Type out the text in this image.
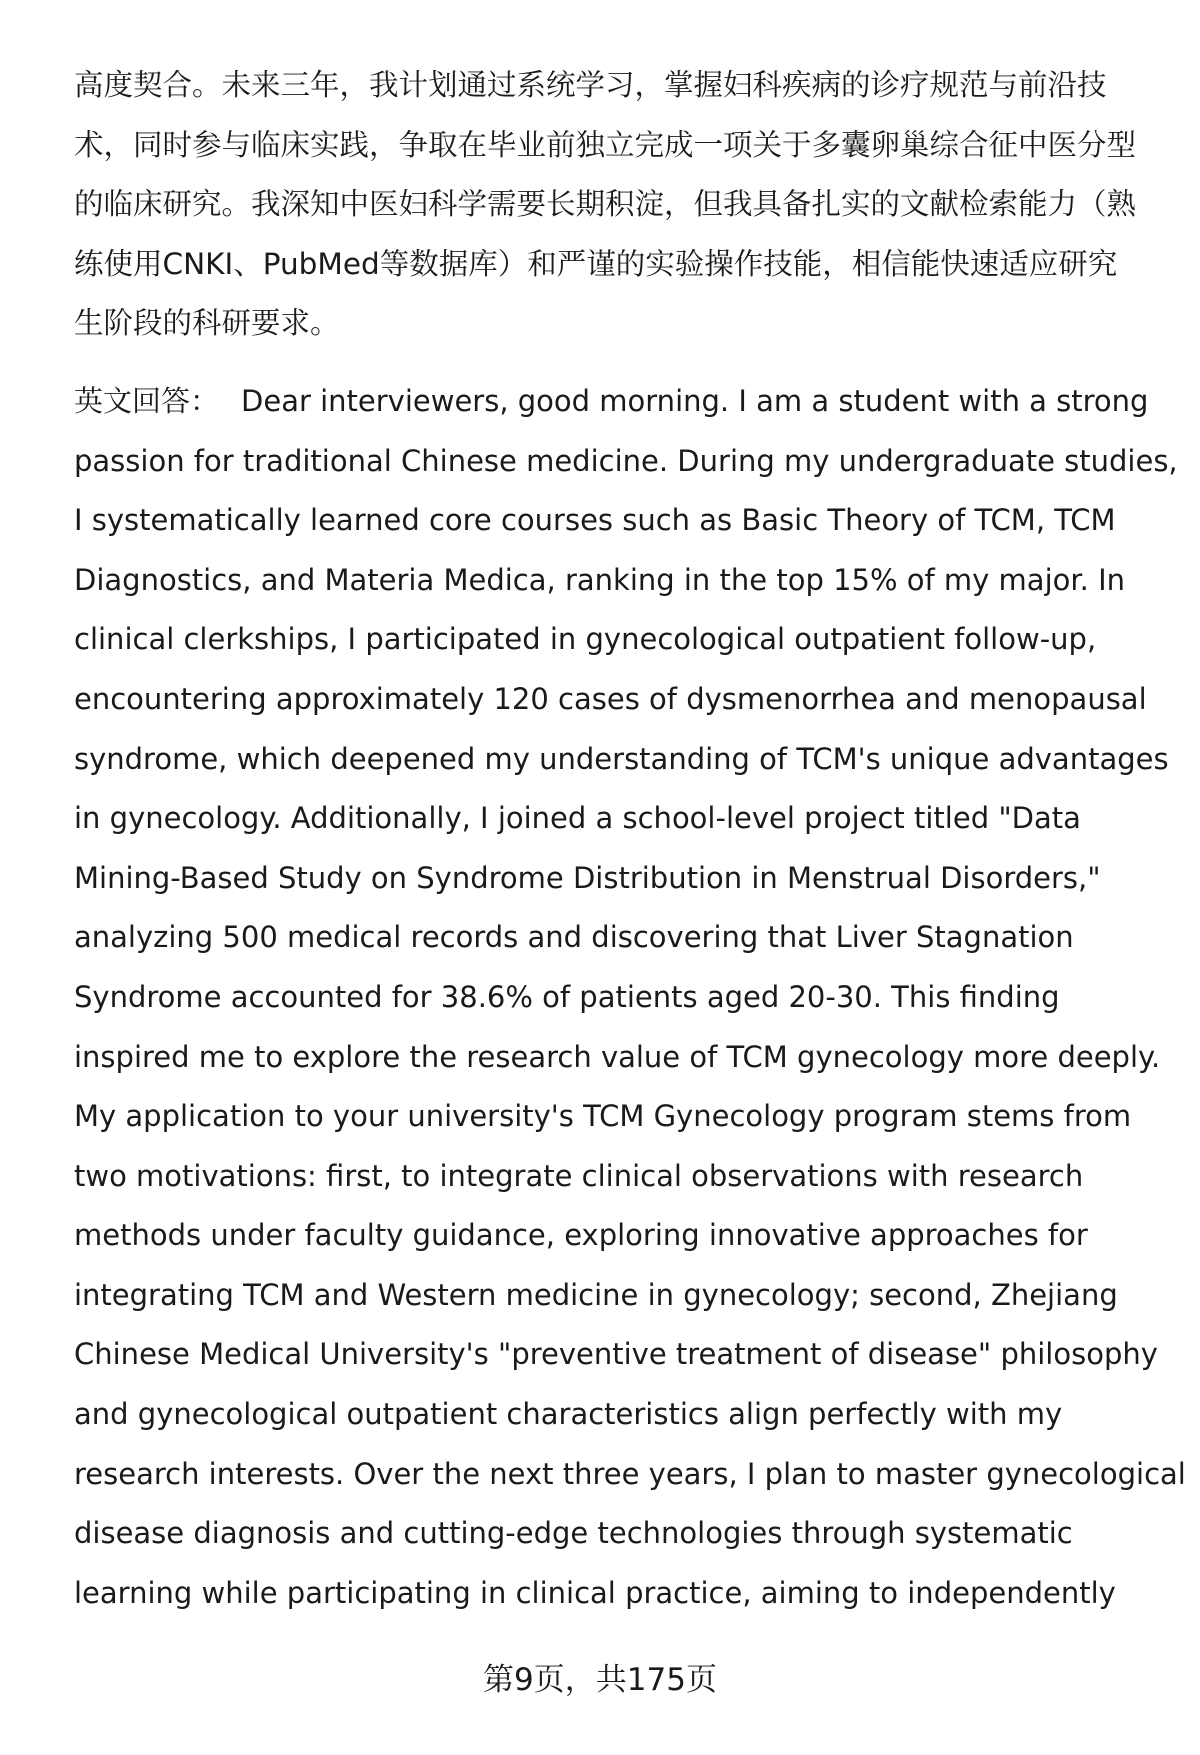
高度契合。未来三年，我计划通过系统学习，掌握妇科疾病的诊疗规范与前沿技
术，同时参与临床实践，争取在毕业前独立完成一项关于多囊卵巢综合征中医分型
的临床研究。我深知中医妇科学需要长期积淀，但我具备扎实的文献检索能力（熟
练使用CNKI、PubMed等数据库）和严谨的实验操作技能，相信能快速适应研究
生阶段的科研要求。
英文回答： Dear interviewers, good morning. I am a student with a strong
passion for traditional Chinese medicine. During my undergraduate studies,
I systematically learned core courses such as Basic Theory of TCM, TCM
Diagnostics, and Materia Medica, ranking in the top 15% of my major. In
clinical clerkships, I participated in gynecological outpatient follow-up,
encountering approximately 120 cases of dysmenorrhea and menopausal
syndrome, which deepened my understanding of TCM's unique advantages
in gynecology. Additionally, I joined a school-level project titled "Data
Mining-Based Study on Syndrome Distribution in Menstrual Disorders,"
analyzing 500 medical records and discovering that Liver Stagnation
Syndrome accounted for 38.6% of patients aged 20-30. This finding
inspired me to explore the research value of TCM gynecology more deeply.
My application to your university's TCM Gynecology program stems from
two motivations: first, to integrate clinical observations with research
methods under faculty guidance, exploring innovative approaches for
integrating TCM and Western medicine in gynecology; second, Zhejiang
Chinese Medical University's "preventive treatment of disease" philosophy
and gynecological outpatient characteristics align perfectly with my
research interests. Over the next three years, I plan to master gynecological
disease diagnosis and cutting-edge technologies through systematic
learning while participating in clinical practice, aiming to independently
第9页，共175页
